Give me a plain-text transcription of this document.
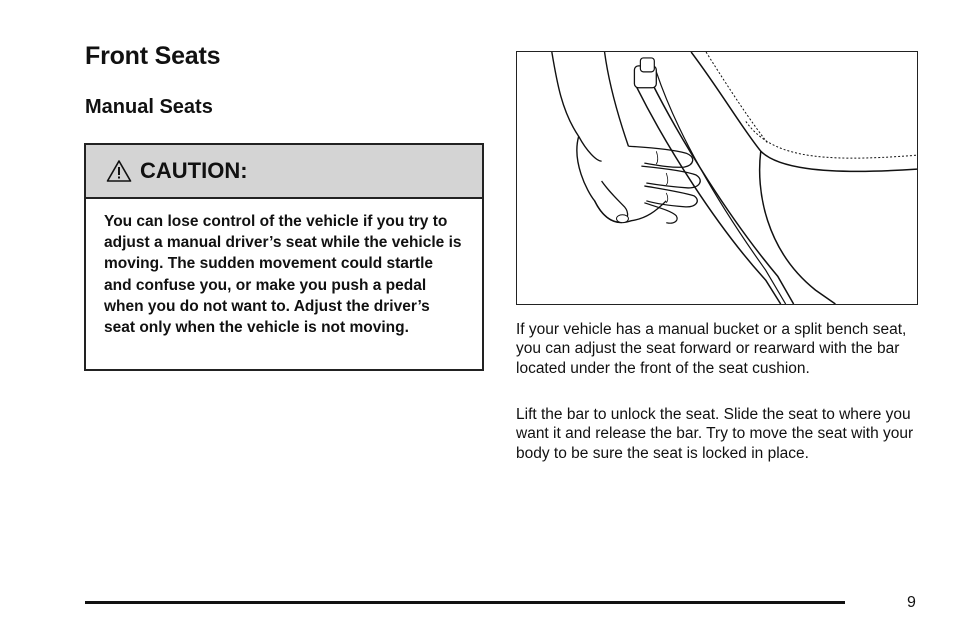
Front Seats
Manual Seats
CAUTION:
You can lose control of the vehicle if you try to adjust a manual driver’s seat while the vehicle is moving. The sudden movement could startle and confuse you, or make you push a pedal when you do not want to. Adjust the driver’s seat only when the vehicle is not moving.	If your vehicle has a manual bucket or a split bench seat, you can adjust the seat forward or rearward with the bar located under the front of the seat cushion.

Lift the bar to unlock the seat. Slide the seat to where you want it and release the bar. Try to move the seat with your body to be sure the seat is locked in place.

9
